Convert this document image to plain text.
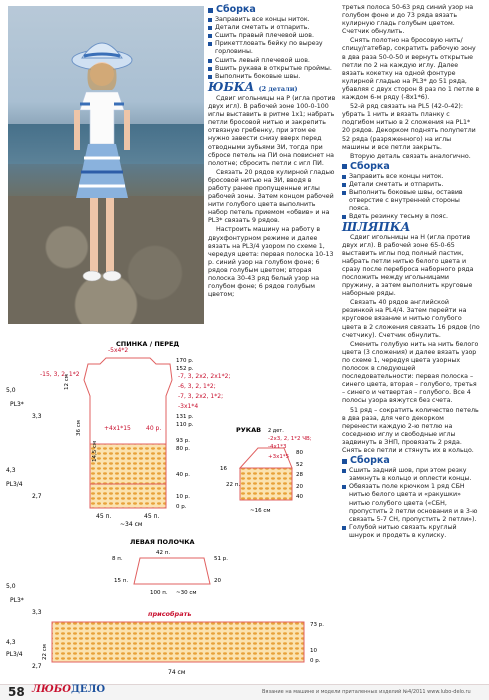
Сборка
Заправить все концы ниток.
Детали сметать и отпарить.
Сшить правый плечевой шов.
Прикеттловать бейку по вырезу горловины.
Сшить левый плечевой шов.
Вшить рукава в открытые проймы.
Выполнить боковые швы.
ЮБКА (2 детали)

Сдвиг игольницы на Р (игла против двух игл). В рабочей зоне 100-0-100 иглы выставить в ритме 1х1; набрать петли бросовой нитью и закрепить отвязную гребенку, при этом ее нужно завести снизу вверх перед отводными зубьями ЗИ, тогда при сбросе петель на ПИ она повиснет на полотне; сбросить петли с игл ПИ.

Связать 20 рядов кулирной гладью бросовой нитью на ЗИ, вводя в работу ранее пропущенные иглы рабочей зоны. Затем концом рабочей нити голубого цвета выполнить набор петель приемом «обвив» и на PL3* связать 9 рядов.

Настроить машину на работу в двухфонтурном режиме и далее вязать на PL3/4 узором по схеме 1, чередуя цвета: первая полоска 10-13 р. синий узор на голубом фоне; 6 рядов голубым цветом; вторая полоска 30-43 ряд белый узор на голубом фоне; 6 рядов голубым цветом;

третья полоса 50-63 ряд синий узор на голубом фоне и до 73 ряда вязать кулирную гладь голубым цветом. Счетчик обнулить.

Снять полотно на бросовую нить/спицу/гатебар, сократить рабочую зону в два раза 50-0-50 и вернуть открытые петли по 2 на каждую иглу. Далее вязать кокетку на одной фонтуре кулирной гладью на PL3* до 51 ряда, убавляя с двух сторон 8 раз по 1 петле в каждом 6-м ряду (-8х1*6).

52-й ряд связать на PL5 (42-0-42): убрать 1 нить и вязать планку с подгибом нитью в 2 сложения на PL1* 20 рядов. Декорком поднять полупетли 52 ряда (разряженного) на иглы машины и все петли закрыть.

Вторую деталь связать аналогично.

Сборка
Заправить все концы ниток.
Детали сметать и отпарить.
Выполнить боковые швы, оставив отверстие с внутренней стороны пояса.
Вдеть резинку тесьму в пояс.
ШЛЯПКА

Сдвиг игольницы на Н (игла против двух игл). В рабочей зоне 65-0-65 выставить иглы под полный пастик, набрать петли нитью белого цвета и сразу после переброса наборного ряда посложить между игольницами пружину, а затем выполнить круговые наборные ряды.

Связать 40 рядов английской резинкой на PL4/4. Затем перейти на круговое вязание и нитью голубого цвета в 2 сложения связать 16 рядов (по счетчику). Счетчик обнулить.

Сменить голубую нить на нить белого цвета (3 сложения) и далее вязать узор по схеме 1, чередуя цвета узорных полосок в следующей последовательности: первая полоска – синего цвета, вторая – голубого, третья – синего и четвертая – голубого. Все 4 полосы узора вяжутся без счета.

51 ряд – сократить количество петель в два раза, для чего декорком перенести каждую 2-ю петлю на соседнюю иглу и свободные иглы задвинуть в ЗНП, провязать 2 ряда. Снять все петли и стянуть их в кольцо.

Сборка
Сшить задний шов, при этом резку замкнуть в кольцо и оплести концы.
Обвязать поле крючком 1 ряд СБН нитью белого цвета и «ракушки» нитью голубого цвета («СБН, пропустить 2 петли основания и в 3-ю связать 5-7 СН, пропустить 2 петли»).
Голубой нитью связать круглый шнурок и продеть в кулиску.
СПИНКА / ПЕРЕД
-5х4*2
-15, 3, 2, 1*2	-7, 3, 2х2, 2х1*2;
-6, 3, 2, 1*2;
-7, 3, 2х2, 1*2;
-3х1*4
+4х1*15	40 р.
170 р.
152 р.
131 р.
110 р.
93 р.
80 р.
40 р.
10 р.
0 р.
45 п.
~34 см
45 п.
36 см
14,5 см
12 см
5,0
PL3*
3,3
4,3
PL3/4
2,7
РУКАВ 2 дет.
-2х3, 2, 1*2 ЧВ;
-4х1*3
+3х1*5
80
52
28
20
40
~16 см
22 п.
16
ЛЕВАЯ ПОЛОЧКА
42 п.
8 п.	51 р.
20
100 п.
15 п.
~30 см
присобрать
73 р.
10
0 р.
74 см
22 см
5,0
PL3*
3,3
4,3
PL3/4
2,7
58 ЛЮБОДЕЛО	Вязание на машине и модели приталенных изделий №4/2011 www.lubo-delo.ru
